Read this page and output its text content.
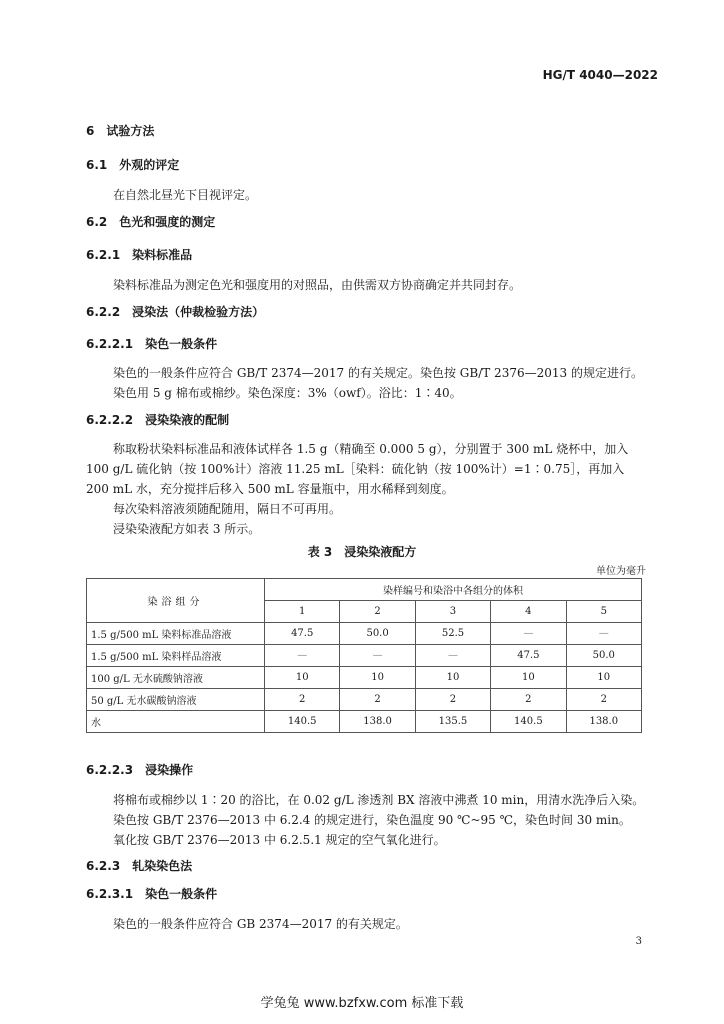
HG/T 4040—2022
6 试验方法
6.1 外观的评定
在自然北昼光下目视评定。
6.2 色光和强度的测定
6.2.1 染料标准品
染料标准品为测定色光和强度用的对照品，由供需双方协商确定并共同封存。
6.2.2 浸染法（仲裁检验方法）
6.2.2.1 染色一般条件
染色的一般条件应符合 GB/T 2374—2017 的有关规定。染色按 GB/T 2376—2013 的规定进行。
染色用 5 g 棉布或棉纱。染色深度：3%（owf）。浴比：1∶40。
6.2.2.2 浸染染液的配制
称取粉状染料标准品和液体试样各 1.5 g（精确至 0.000 5 g），分别置于 300 mL 烧杯中，加入
100 g/L 硫化钠（按 100%计）溶液 11.25 mL［染料：硫化钠（按 100%计）=1∶0.75］，再加入
200 mL 水，充分搅拌后移入 500 mL 容量瓶中，用水稀释到刻度。
每次染料溶液须随配随用，隔日不可再用。
浸染染液配方如表 3 所示。
表 3　浸染染液配方
单位为毫升
染浴组分	染样编号和染浴中各组分的体积				
	1	2	3	4	5
1.5 g/500 mL 染料标准品溶液	47.5	50.0	52.5	—	—
1.5 g/500 mL 染料样品溶液	—	—	—	47.5	50.0
100 g/L 无水硫酸钠溶液	10	10	10	10	10
50 g/L 无水碳酸钠溶液	2	2	2	2	2
水	140.5	138.0	135.5	140.5	138.0
6.2.2.3 浸染操作
将棉布或棉纱以 1∶20 的浴比，在 0.02 g/L 渗透剂 BX 溶液中沸煮 10 min，用清水洗净后入染。
染色按 GB/T 2376—2013 中 6.2.4 的规定进行，染色温度 90 ℃~95 ℃，染色时间 30 min。
氧化按 GB/T 2376—2013 中 6.2.5.1 规定的空气氧化进行。
6.2.3 轧染染色法
6.2.3.1 染色一般条件
染色的一般条件应符合 GB 2374—2017 的有关规定。
3
学兔兔 www.bzfxw.com 标准下载
